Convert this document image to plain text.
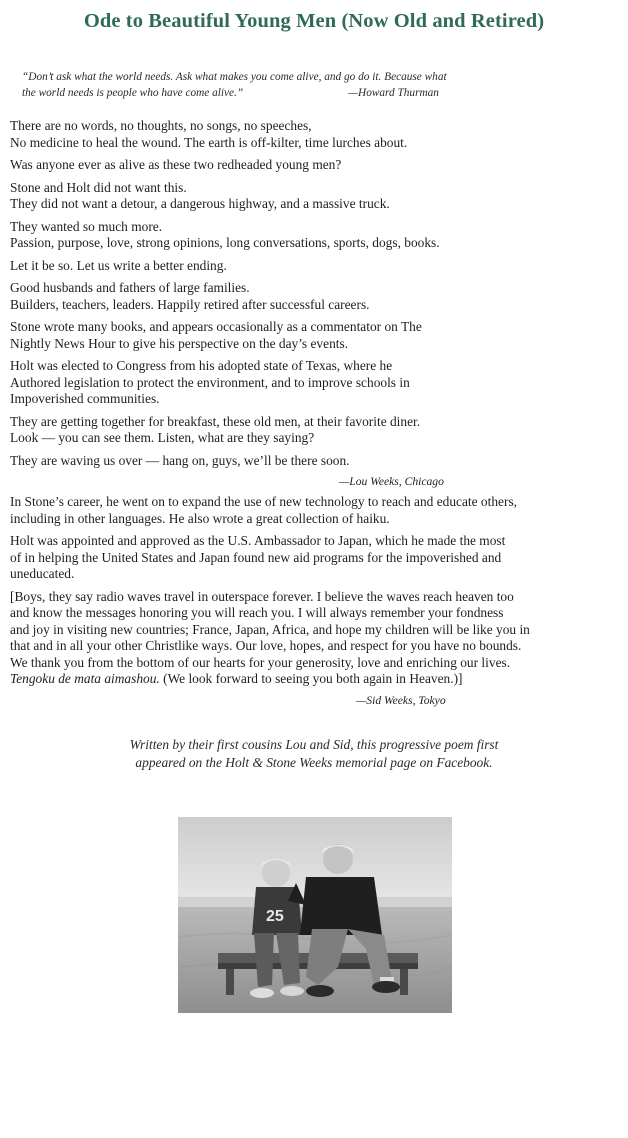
Ode to Beautiful Young Men (Now Old and Retired)
“Don’t ask what the world needs. Ask what makes you come alive, and go do it. Because what
the world needs is people who have come alive.”	—Howard Thurman
There are no words, no thoughts, no songs, no speeches,
No medicine to heal the wound. The earth is off-kilter, time lurches about.
Was anyone ever as alive as these two redheaded young men?
Stone and Holt did not want this.
They did not want a detour, a dangerous highway, and a massive truck.
They wanted so much more.
Passion, purpose, love, strong opinions, long conversations, sports, dogs, books.
Let it be so. Let us write a better ending.
Good husbands and fathers of large families.
Builders, teachers, leaders. Happily retired after successful careers.
Stone wrote many books, and appears occasionally as a commentator on The
Nightly News Hour to give his perspective on the day’s events.
Holt was elected to Congress from his adopted state of Texas, where he
Authored legislation to protect the environment, and to improve schools in
Impoverished communities.
They are getting together for breakfast, these old men, at their favorite diner.
Look — you can see them. Listen, what are they saying?
They are waving us over — hang on, guys, we’ll be there soon.
—Lou Weeks, Chicago
In Stone’s career, he went on to expand the use of new technology to reach and educate others,
including in other languages. He also wrote a great collection of haiku.
Holt was appointed and approved as the U.S. Ambassador to Japan, which he made the most
of in helping the United States and Japan found new aid programs for the impoverished and
uneducated.
[Boys, they say radio waves travel in outerspace forever. I believe the waves reach heaven too
and know the messages honoring you will reach you. I will always remember your fondness
and joy in visiting new countries; France, Japan, Africa, and hope my children will be like you in
that and in all your other Christlike ways. Our love, hopes, and respect for you have no bounds.
We thank you from the bottom of our hearts for your generosity, love and enriching our lives.
Tengoku de mata aimashou. (We look forward to seeing you both again in Heaven.)]
—Sid Weeks, Tokyo
Written by their first cousins Lou and Sid, this progressive poem first
appeared on the Holt & Stone Weeks memorial page on Facebook.
25
